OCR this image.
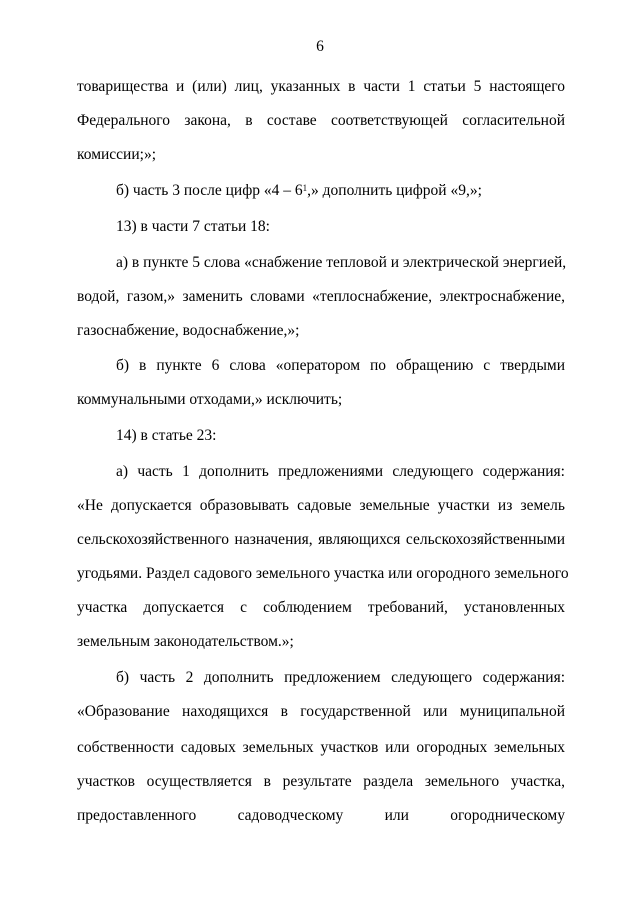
6
товарищества и (или) лиц, указанных в части 1 статьи 5 настоящего
Федерального закона, в составе соответствующей согласительной
комиссии;»;
б) часть 3 после цифр «$4 - 6^1$,» дополнить цифрой «9,»;
13) в части 7 статьи 18:
а) в пункте 5 слова «снабжение тепловой и электрической энергией,
водой, газом,» заменить словами «теплоснабжение, электроснабжение,
газоснабжение, водоснабжение,»;
б) в пункте 6 слова «оператором по обращению с твердыми
коммунальными отходами,» исключить;
14) в статье 23:
а) часть 1 дополнить предложениями следующего содержания:
«Не допускается образовывать садовые земельные участки из земель
сельскохозяйственного назначения, являющихся сельскохозяйственными
угодьями. Раздел садового земельного участка или огородного земельного
участка допускается с соблюдением требований, установленных
земельным законодательством.»;
б) часть 2 дополнить предложением следующего содержания:
«Образование находящихся в государственной или муниципальной
собственности садовых земельных участков или огородных земельных
участков осуществляется в результате раздела земельного участка,
предоставленного садоводческому или огородническому
